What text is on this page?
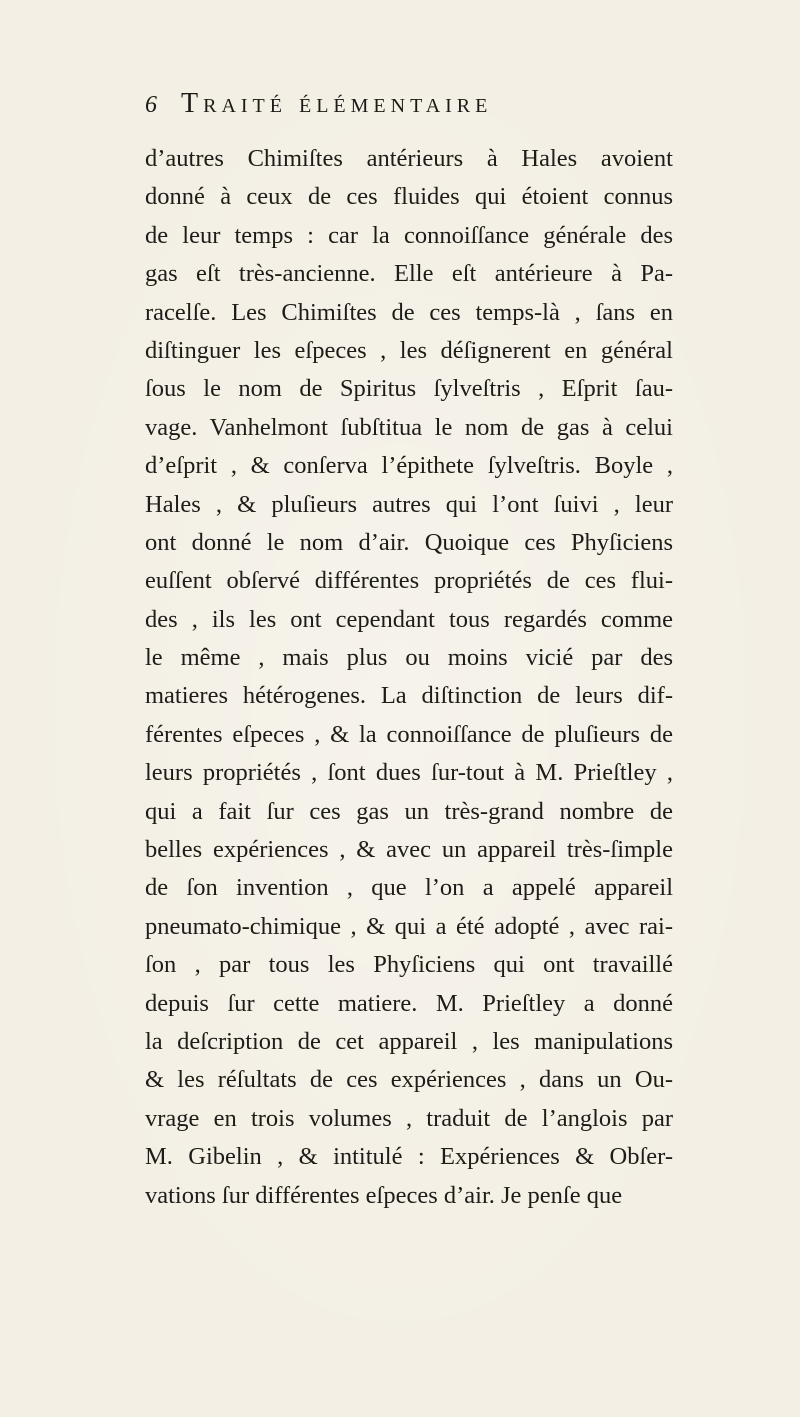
6 Traité élémentaire
d’autres Chimiſtes antérieurs à Hales avoient
donné à ceux de ces fluides qui étoient connus
de leur temps : car la connoiſſance générale des
gas eſt très-ancienne. Elle eſt antérieure à Pa-
racelſe. Les Chimiſtes de ces temps-là , ſans en
diſtinguer les eſpeces , les déſignerent en général
ſous le nom de Spiritus ſylveſtris , Eſprit ſau-
vage. Vanhelmont ſubſtitua le nom de gas à celui
d’eſprit , & conſerva l’épithete ſylveſtris. Boyle ,
Hales , & pluſieurs autres qui l’ont ſuivi , leur
ont donné le nom d’air. Quoique ces Phyſiciens
euſſent obſervé différentes propriétés de ces flui-
des , ils les ont cependant tous regardés comme
le même , mais plus ou moins vicié par des
matieres hétérogenes. La diſtinction de leurs dif-
férentes eſpeces , & la connoiſſance de pluſieurs de
leurs propriétés , ſont dues ſur-tout à M. Prieſtley ,
qui a fait ſur ces gas un très-grand nombre de
belles expériences , & avec un appareil très-ſimple
de ſon invention , que l’on a appelé appareil
pneumato-chimique , & qui a été adopté , avec rai-
ſon , par tous les Phyſiciens qui ont travaillé
depuis ſur cette matiere. M. Prieſtley a donné
la deſcription de cet appareil , les manipulations
& les réſultats de ces expériences , dans un Ou-
vrage en trois volumes , traduit de l’anglois par
M. Gibelin , & intitulé : Expériences & Obſer-
vations ſur différentes eſpeces d’air. Je penſe que
